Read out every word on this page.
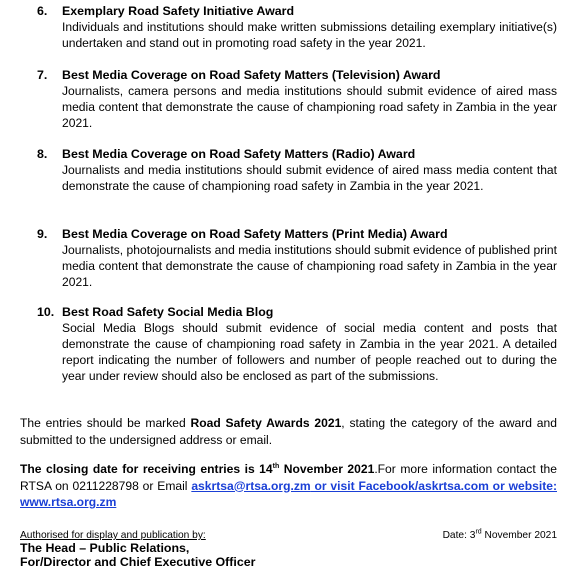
6. Exemplary Road Safety Initiative Award
Individuals and institutions should make written submissions detailing exemplary initiative(s) undertaken and stand out in promoting road safety in the year 2021.
7. Best Media Coverage on Road Safety Matters (Television) Award
Journalists, camera persons and media institutions should submit evidence of aired mass media content that demonstrate the cause of championing road safety in Zambia in the year 2021.
8. Best Media Coverage on Road Safety Matters (Radio) Award
Journalists and media institutions should submit evidence of aired mass media content that demonstrate the cause of championing road safety in Zambia in the year 2021.
9. Best Media Coverage on Road Safety Matters (Print Media) Award
Journalists, photojournalists and media institutions should submit evidence of published print media content that demonstrate the cause of championing road safety in Zambia in the year 2021.
10. Best Road Safety Social Media Blog
Social Media Blogs should submit evidence of social media content and posts that demonstrate the cause of championing road safety in Zambia in the year 2021. A detailed report indicating the number of followers and number of people reached out to during the year under review should also be enclosed as part of the submissions.
The entries should be marked Road Safety Awards 2021, stating the category of the award and submitted to the undersigned address or email.
The closing date for receiving entries is 14th November 2021.For more information contact the RTSA on 0211228798 or Email askrtsa@rtsa.org.zm or visit Facebook/askrtsa.com or website: www.rtsa.org.zm
Authorised for display and publication by:	Date: 3rd November 2021
The Head – Public Relations,
For/Director and Chief Executive Officer
